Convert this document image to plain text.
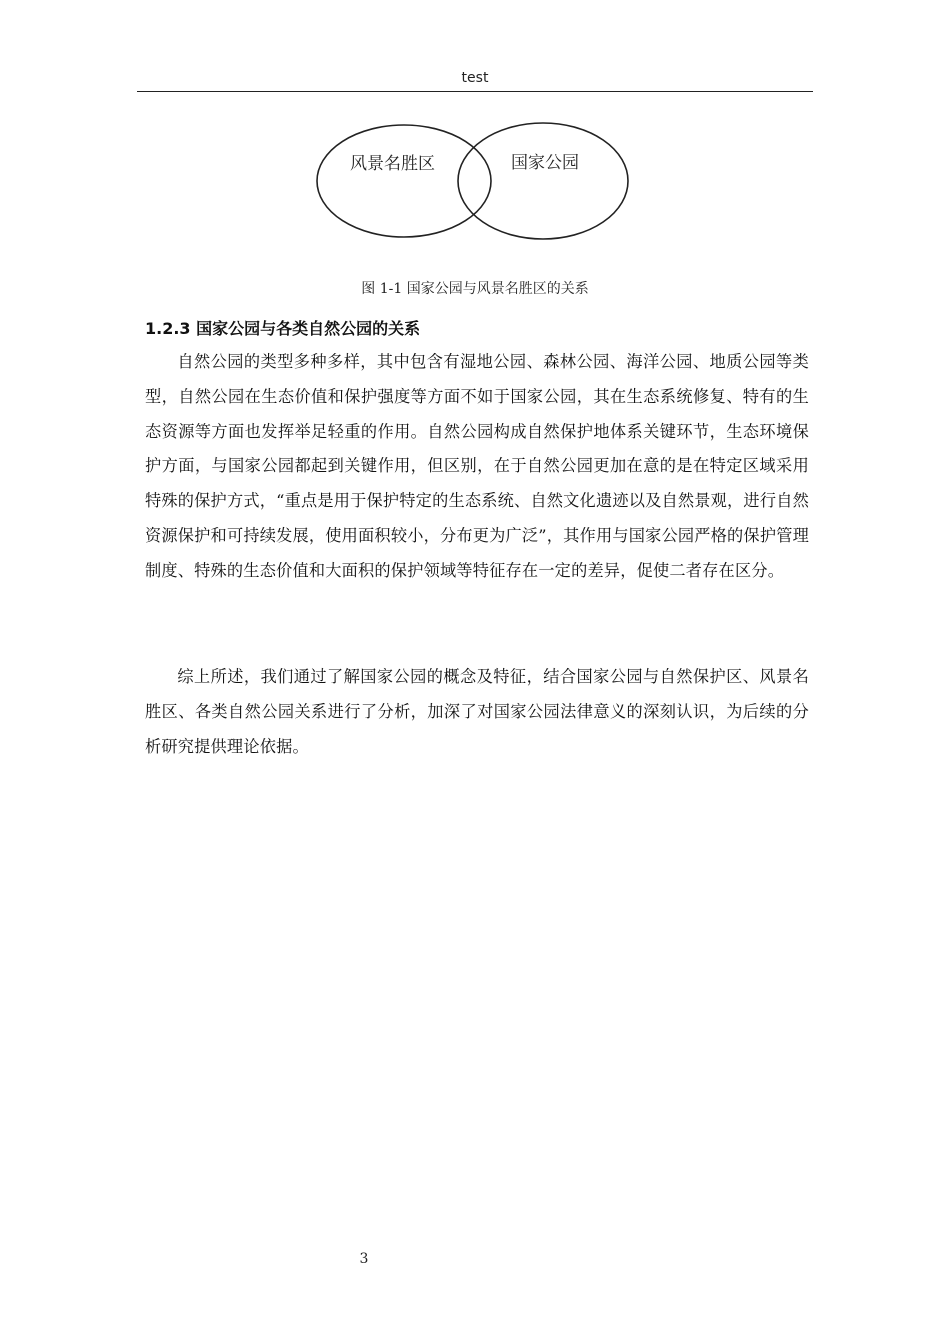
test
风景名胜区	国家公园
图 1-1 国家公园与风景名胜区的关系
1.2.3 国家公园与各类自然公园的关系

自然公园的类型多种多样，其中包含有湿地公园、森林公园、海洋公园、地质公园等类型，自然公园在生态价值和保护强度等方面不如于国家公园，其在生态系统修复、特有的生态资源等方面也发挥举足轻重的作用。自然公园构成自然保护地体系关键环节，生态环境保护方面，与国家公园都起到关键作用，但区别，在于自然公园更加在意的是在特定区域采用特殊的保护方式，“重点是用于保护特定的生态系统、自然文化遗迹以及自然景观，进行自然资源保护和可持续发展，使用面积较小，分布更为广泛”，其作用与国家公园严格的保护管理制度、特殊的生态价值和大面积的保护领域等特征存在一定的差异，促使二者存在区分。

综上所述，我们通过了解国家公园的概念及特征，结合国家公园与自然保护区、风景名胜区、各类自然公园关系进行了分析，加深了对国家公园法律意义的深刻认识，为后续的分析研究提供理论依据。

3
